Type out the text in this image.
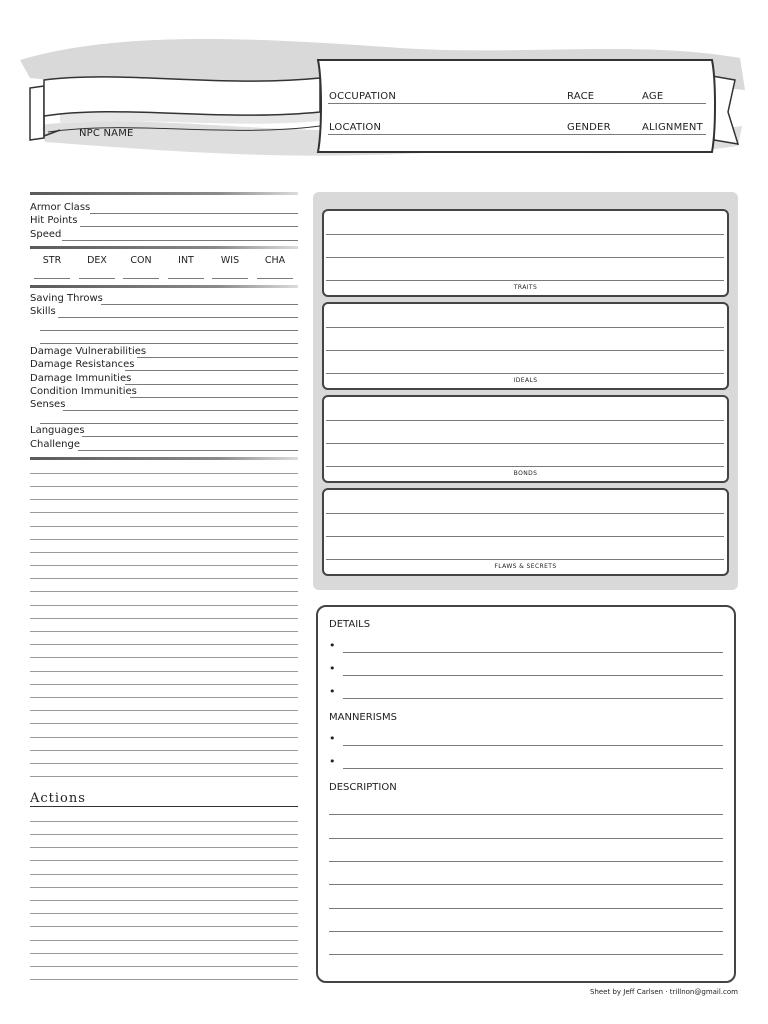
NPC NAME
OCCUPATION	RACE	AGE
LOCATION	GENDER	ALIGNMENT
Armor Class
Hit Points
Speed
STR	DEX	CON	INT	WIS	CHA
Saving Throws
Skills
Damage Vulnerabilities
Damage Resistances
Damage Immunities
Condition Immunities
Senses
Languages
Challenge
Actions
TRAITS
IDEALS
BONDS
FLAWS & SECRETS
DETAILS
•
•
•
MANNERISMS
•
•
DESCRIPTION
Sheet by Jeff Carlsen · trillnon@gmail.com
